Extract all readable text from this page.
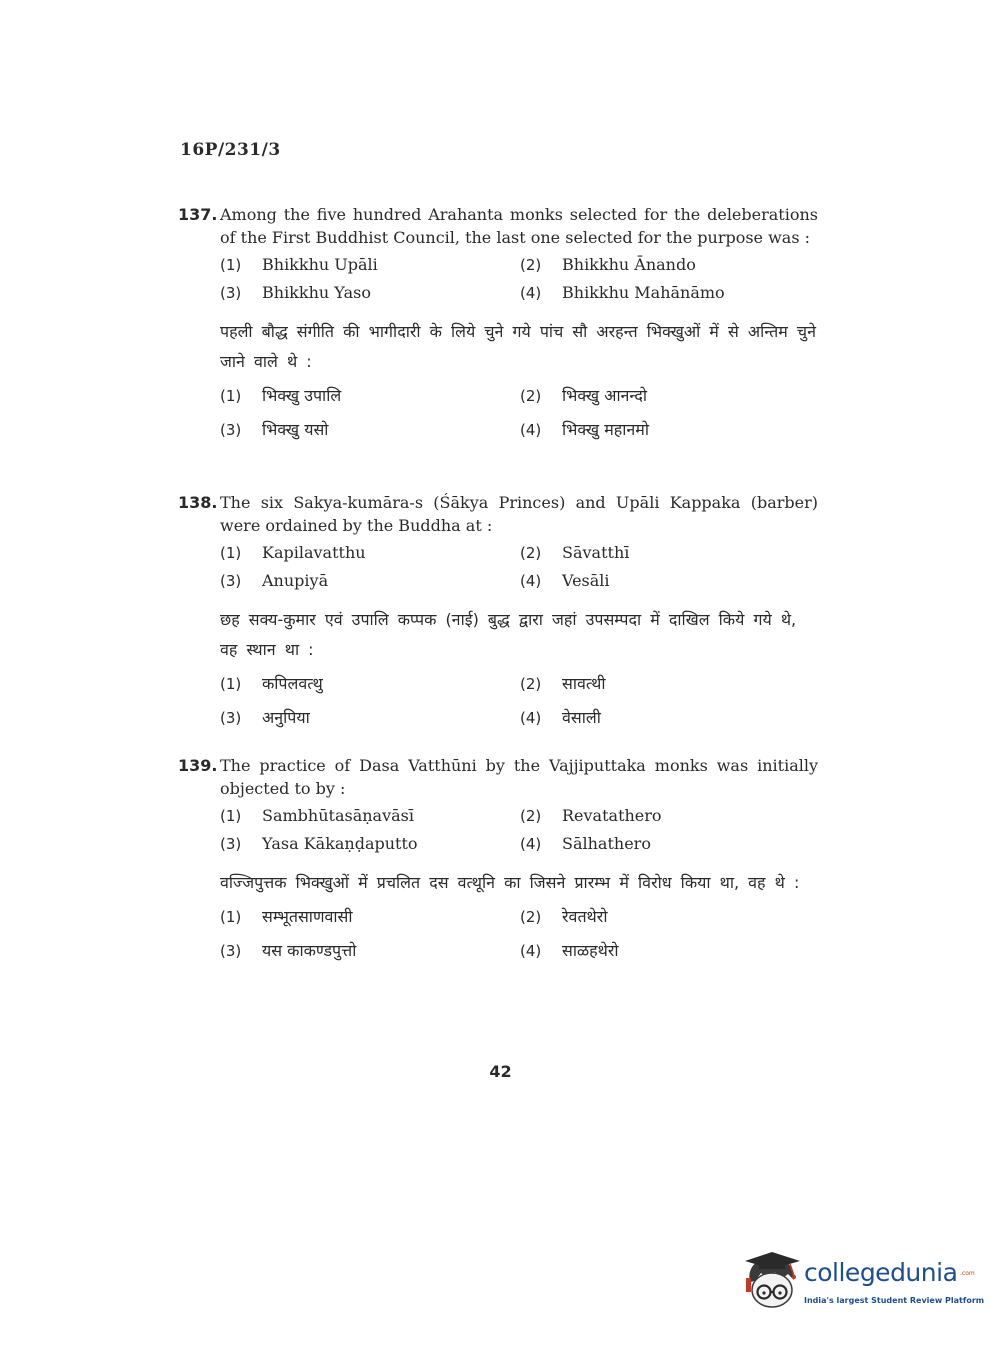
16P/231/3
137. Among the five hundred Arahanta monks selected for the deleberations of the First Buddhist Council, the last one selected for the purpose was :
(1) Bhikkhu Upāli	(2) Bhikkhu Ānando
(3) Bhikkhu Yaso	(4) Bhikkhu Mahānāmo
पहली बौद्ध संगीति की भागीदारी के लिये चुने गये पांच सौ अरहन्त भिक्खुओं में से अन्तिम चुने जाने वाले थे :
(1) भिक्खु उपालि	(2) भिक्खु आनन्दो
(3) भिक्खु यसो	(4) भिक्खु महानमो
138. The six Sakya-kumāra-s (Śākya Princes) and Upāli Kappaka (barber) were ordained by the Buddha at :
(1) Kapilavatthu	(2) Sāvatthī
(3) Anupiyā	(4) Vesāli
छह सक्य-कुमार एवं उपालि कप्पक (नाई) बुद्ध द्वारा जहां उपसम्पदा में दाखिल किये गये थे, वह स्थान था :
(1) कपिलवत्थु	(2) सावत्थी
(3) अनुपिया	(4) वेसाली
139. The practice of Dasa Vatthūni by the Vajjiputtaka monks was initially objected to by :
(1) Sambhūtasāṇavāsī	(2) Revatathero
(3) Yasa Kākaṇḍaputto	(4) Sālhathero
वज्जिपुत्तक भिक्खुओं में प्रचलित दस वत्थूनि का जिसने प्रारम्भ में विरोध किया था, वह थे :
(1) सम्भूतसाणवासी	(2) रेवतथेरो
(3) यस काकण्डपुत्तो	(4) साळहथेरो
42
collegedunia .com
India's largest Student Review Platform
